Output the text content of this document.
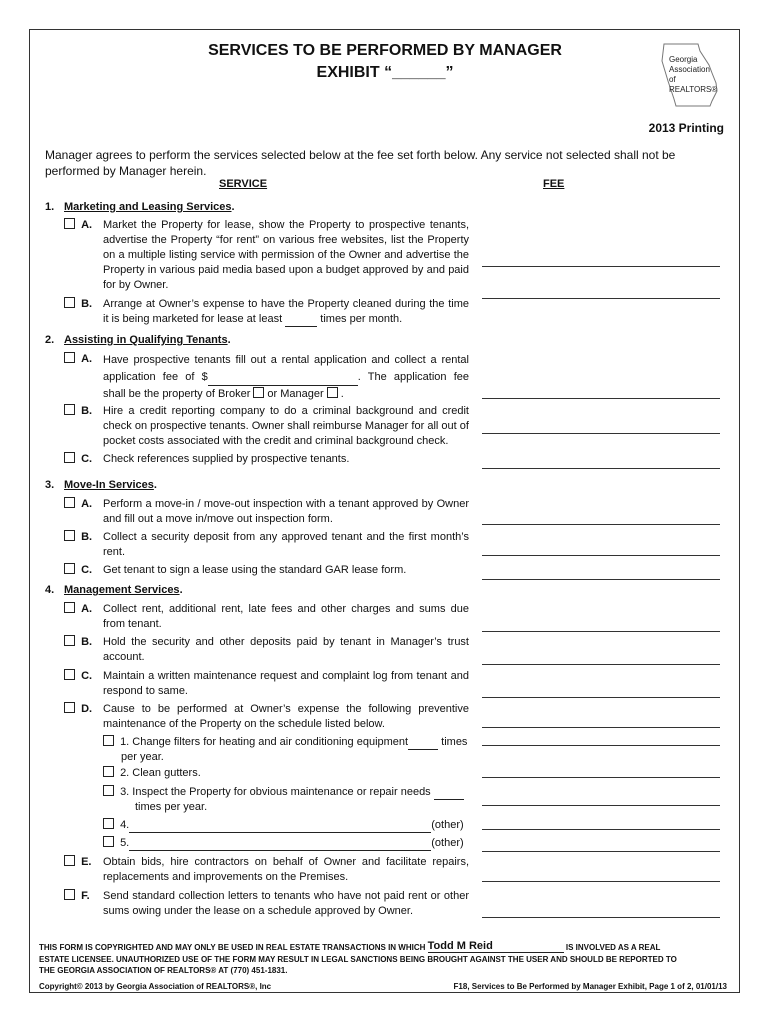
SERVICES TO BE PERFORMED BY MANAGER
EXHIBIT “______”
Georgia
Association
of REALTORS®
2013 Printing
Manager agrees to perform the services selected below at the fee set forth below. Any service not selected shall not be performed by Manager herein.
SERVICE	FEE
1. Marketing and Leasing Services.
A. Market the Property for lease, show the Property to prospective tenants, advertise the Property “for rent” on various free websites, list the Property on a multiple listing service with permission of the Owner and advertise the Property in various paid media based upon a budget approved by and paid for by Owner.
B. Arrange at Owner’s expense to have the Property cleaned during the time it is being marketed for lease at least	times per month.
2. Assisting in Qualifying Tenants.
A. Have prospective tenants fill out a rental application and collect a rental application fee of $	. The application fee shall be the property of Broker or Manager .
B. Hire a credit reporting company to do a criminal background and credit check on prospective tenants. Owner shall reimburse Manager for all out of pocket costs associated with the credit and criminal background check.
C. Check references supplied by prospective tenants.
3. Move-In Services.
A. Perform a move-in / move-out inspection with a tenant approved by Owner and fill out a move in/move out inspection form.
B. Collect a security deposit from any approved tenant and the first month’s rent.
C. Get tenant to sign a lease using the standard GAR lease form.
4. Management Services.
A. Collect rent, additional rent, late fees and other charges and sums due from tenant.
B. Hold the security and other deposits paid by tenant in Manager’s trust account.
C. Maintain a written maintenance request and complaint log from tenant and respond to same.
D. Cause to be performed at Owner’s expense the following preventive maintenance of the Property on the schedule listed below.
1. Change filters for heating and air conditioning equipment	times
per year.
2. Clean gutters.
3. Inspect the Property for obvious maintenance or repair needs
times per year.
4.	(other)
5.	(other)
E.	Obtain bids, hire contractors on behalf of Owner and facilitate repairs, replacements and improvements on the Premises.
F.	Send standard collection letters to tenants who have not paid rent or other sums owing under the lease on a schedule approved by Owner.
THIS FORM IS COPYRIGHTED AND MAY ONLY BE USED IN REAL ESTATE TRANSACTIONS IN WHICH Todd M Reid	IS INVOLVED AS A REAL
ESTATE LICENSEE. UNAUTHORIZED USE OF THE FORM MAY RESULT IN LEGAL SANCTIONS BEING BROUGHT AGAINST THE USER AND SHOULD BE REPORTED TO
THE GEORGIA ASSOCIATION OF REALTORS® AT (770) 451-1831.
Copyright© 2013 by Georgia Association of REALTORS®, Inc	F18, Services to Be Performed by Manager Exhibit, Page 1 of 2, 01/01/13
